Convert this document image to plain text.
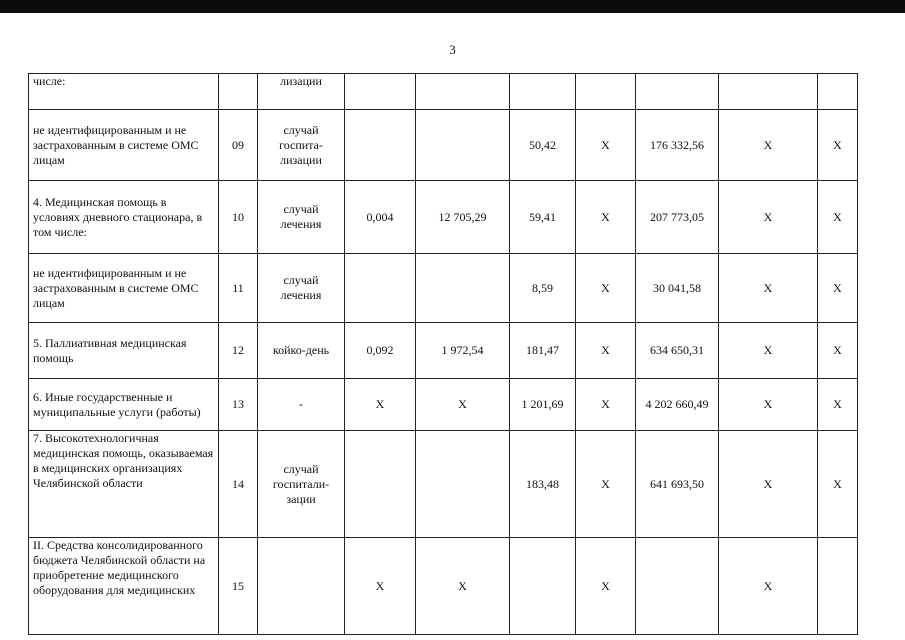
3
числе:		лизации							
не идентифицированным и не застрахованным в системе ОМС лицам	09	случай госпита-лизации			50,42	X	176 332,56	X	X
4. Медицинская помощь в условиях дневного стационара, в том числе:	10	случай лечения	0,004	12 705,29	59,41	X	207 773,05	X	X
не идентифицированным и не застрахованным в системе ОМС лицам	11	случай лечения			8,59	X	30 041,58	X	X
5. Паллиативная медицинская помощь	12	койко-день	0,092	1 972,54	181,47	X	634 650,31	X	X
6. Иные государственные и муниципальные услуги (работы)	13	-	X	X	1 201,69	X	4 202 660,49	X	X
7. Высокотехнологичная медицинская помощь, оказываемая в медицинских организациях Челябинской области	14	случай госпитали-зации			183,48	X	641 693,50	X	X
II. Средства консолидированного бюджета Челябинской области на приобретение медицинского оборудования для медицинских	15		X	X		X		X	
